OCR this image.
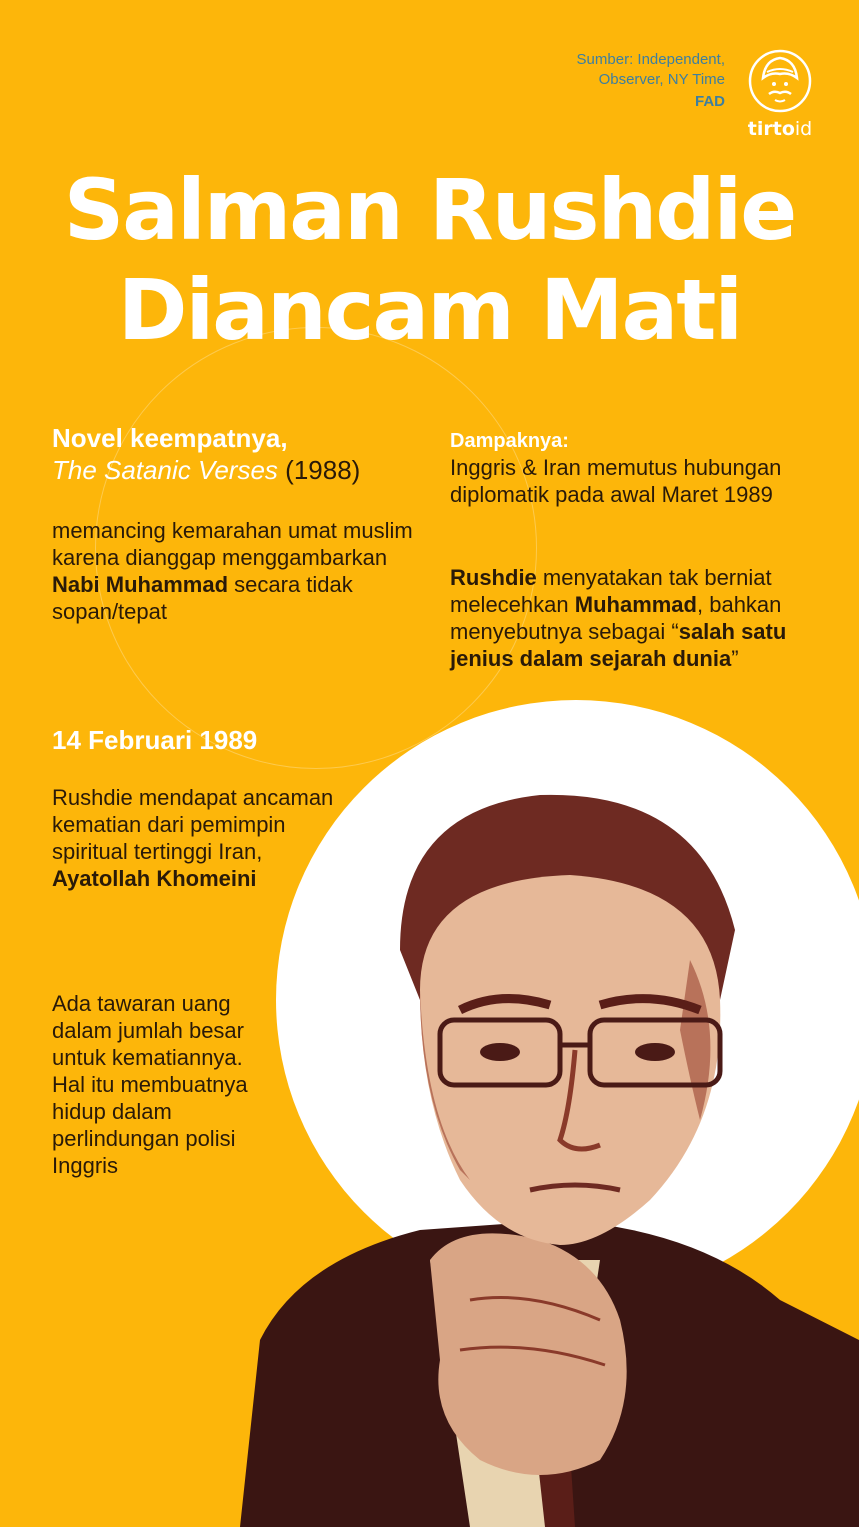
Sumber: Independent,
Observer, NY Time
FAD
tirtoid
Salman Rushdie
Diancam Mati
Novel keempatnya,
The Satanic Verses (1988)
memancing kemarahan umat muslim
karena dianggap menggambarkan
Nabi Muhammad secara tidak
sopan/tepat
14 Februari 1989
Rushdie mendapat ancaman
kematian dari pemimpin
spiritual tertinggi Iran,
Ayatollah Khomeini
Ada tawaran uang
dalam jumlah besar
untuk kematiannya.
Hal itu membuatnya
hidup dalam
perlindungan polisi
Inggris
Dampaknya:
Inggris & Iran memutus hubungan
diplomatik pada awal Maret 1989
Rushdie menyatakan tak berniat
melecehkan Muhammad, bahkan
menyebutnya sebagai “salah satu
jenius dalam sejarah dunia”
